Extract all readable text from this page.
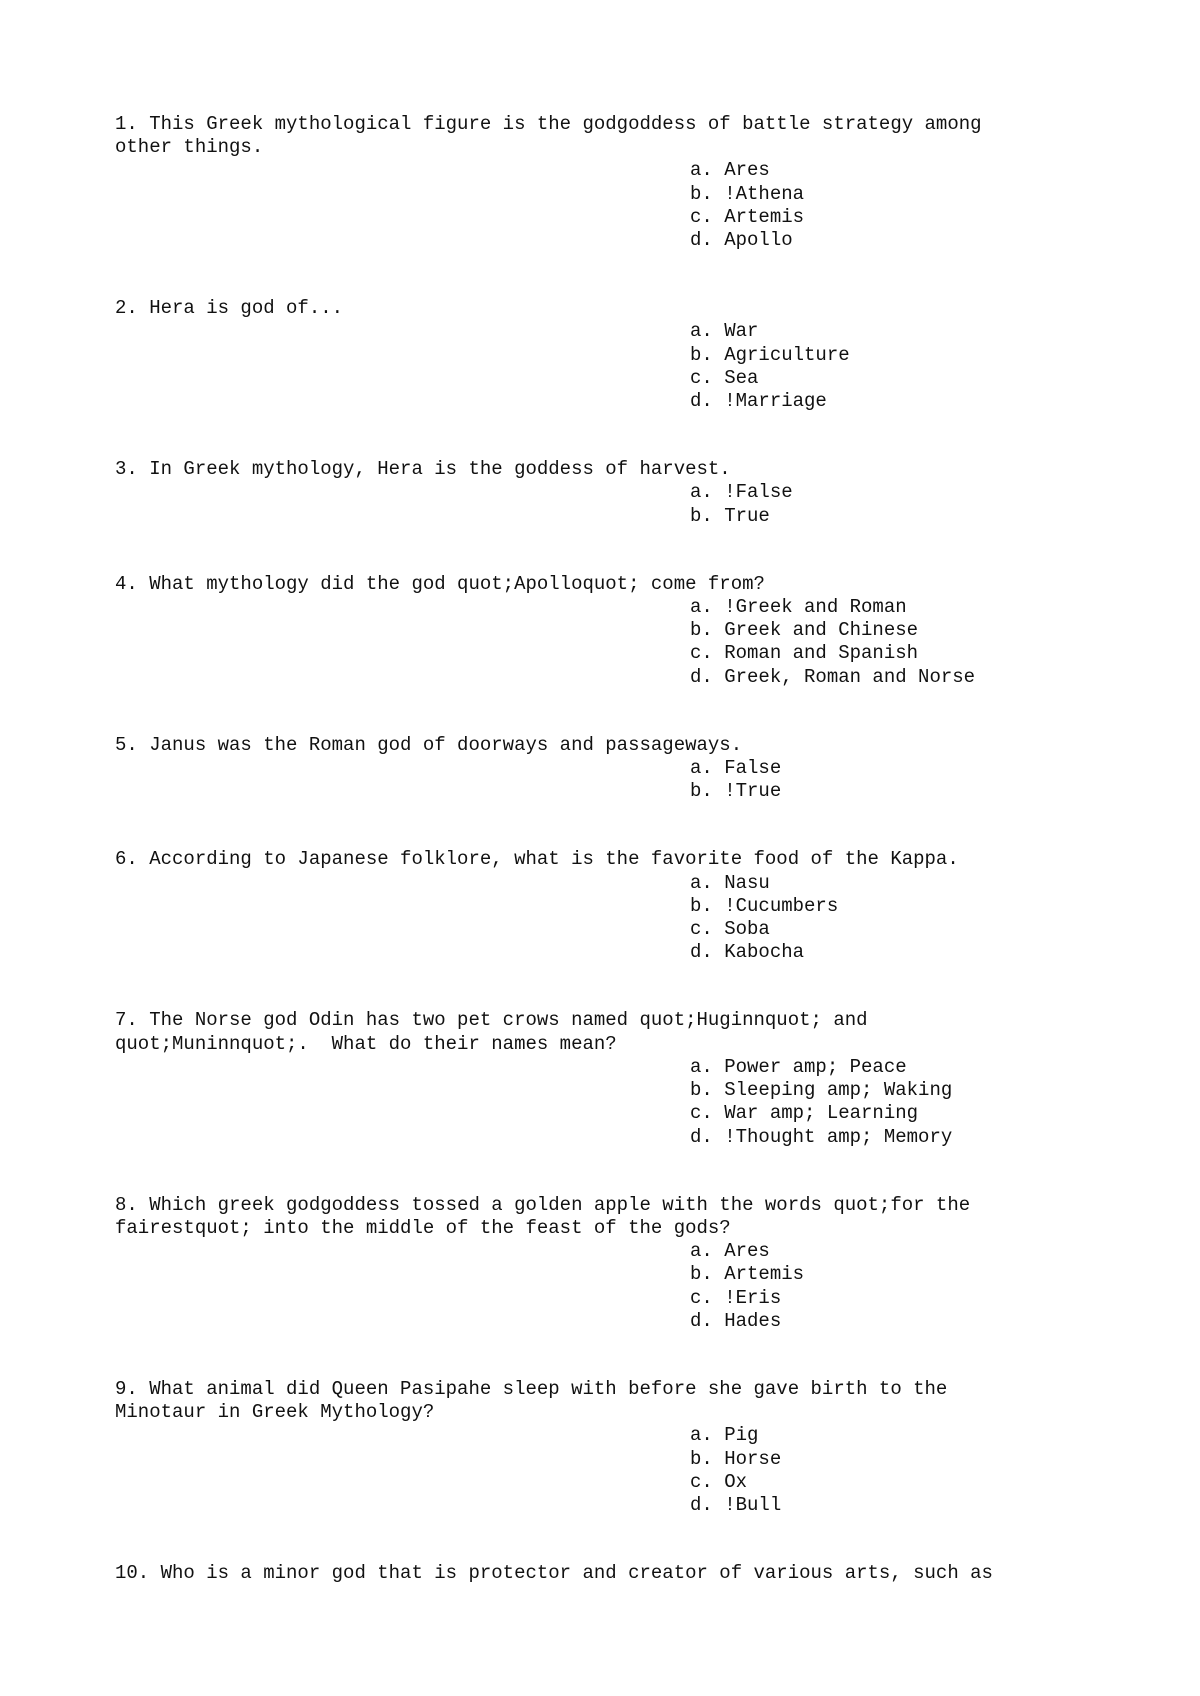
1. This Greek mythological figure is the godgoddess of battle strategy among
other things.
a. Ares
b. !Athena
c. Artemis
d. Apollo
2. Hera is god of...
a. War
b. Agriculture
c. Sea
d. !Marriage
3. In Greek mythology, Hera is the goddess of harvest.
a. !False
b. True
4. What mythology did the god quot;Apolloquot; come from?
a. !Greek and Roman
b. Greek and Chinese
c. Roman and Spanish
d. Greek, Roman and Norse
5. Janus was the Roman god of doorways and passageways.
a. False
b. !True
6. According to Japanese folklore, what is the favorite food of the Kappa.
a. Nasu
b. !Cucumbers
c. Soba
d. Kabocha
7. The Norse god Odin has two pet crows named quot;Huginnquot; and
quot;Muninnquot;.  What do their names mean?
a. Power amp; Peace
b. Sleeping amp; Waking
c. War amp; Learning
d. !Thought amp; Memory
8. Which greek godgoddess tossed a golden apple with the words quot;for the
fairestquot; into the middle of the feast of the gods?
a. Ares
b. Artemis
c. !Eris
d. Hades
9. What animal did Queen Pasipahe sleep with before she gave birth to the
Minotaur in Greek Mythology?
a. Pig
b. Horse
c. Ox
d. !Bull
10. Who is a minor god that is protector and creator of various arts, such as
